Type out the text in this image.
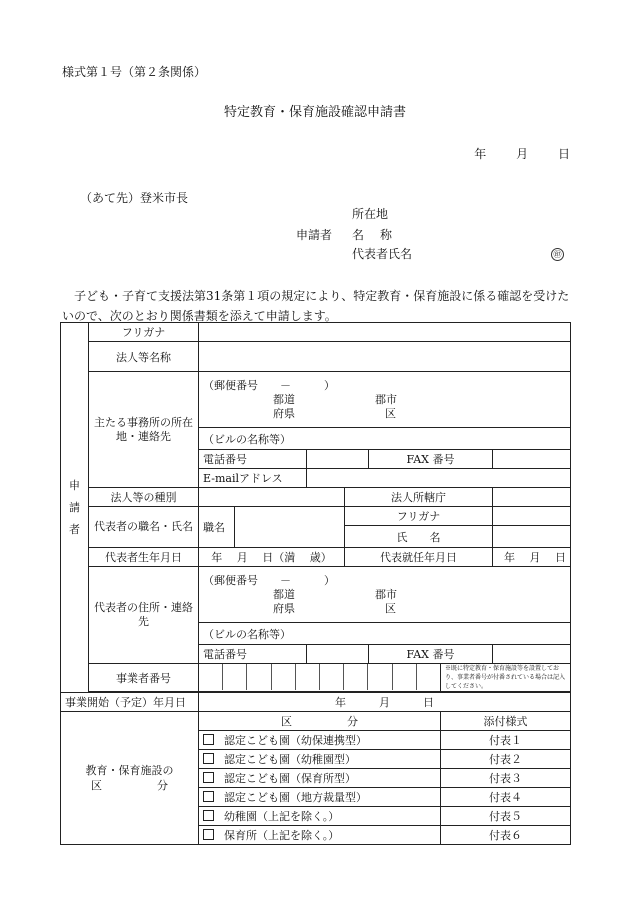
様式第１号（第２条関係）
特定教育・保育施設確認申請書
年 月 日
（あて先）登米市長
所在地
申請者 名　称
代表者氏名	㊞
子ども・子育て支援法第31条第１項の規定により、特定教育・保育施設に係る確認を受けたいので、次のとおり関係書類を添えて申請します。
申
請
者	フリガナ							
	法人等名称							
	主たる事務所の所在地・連絡先	（郵便番号　　－　　　）
都道 郡市
府県 区						

		（ビルの名称等）						
		電話番号				FAX 番号		
		E-mailアドレス						
	法人等の種別				法人所轄庁			
	代表者の職名・氏名	職名			フリガナ			
					氏　　名			
	代表者生年月日	年　 月　 日（満　 歳）			代表就任年月日			年　 月　 日
	代表者の住所・連絡先	（郵便番号　　－　　　）
都道 郡市
府県 区						

		（ビルの名称等）						
		電話番号				FAX 番号		
	事業者番号						※既に特定教育・保育施設等を設置しており、事業者番号が付番されている場合は記入してください。	

事業開始（予定）年月日		年　　　月　　　日						

教育・保育施設の
区　　　　　分		区　　　　　分					添付様式	
		認定こども園（幼保連携型）					付表１	
		認定こども園（幼稚園型）					付表２	
		認定こども園（保育所型）					付表３	
		認定こども園（地方裁量型）					付表４	
		幼稚園（上記を除く。）					付表５	
		保育所（上記を除く。）					付表６	
